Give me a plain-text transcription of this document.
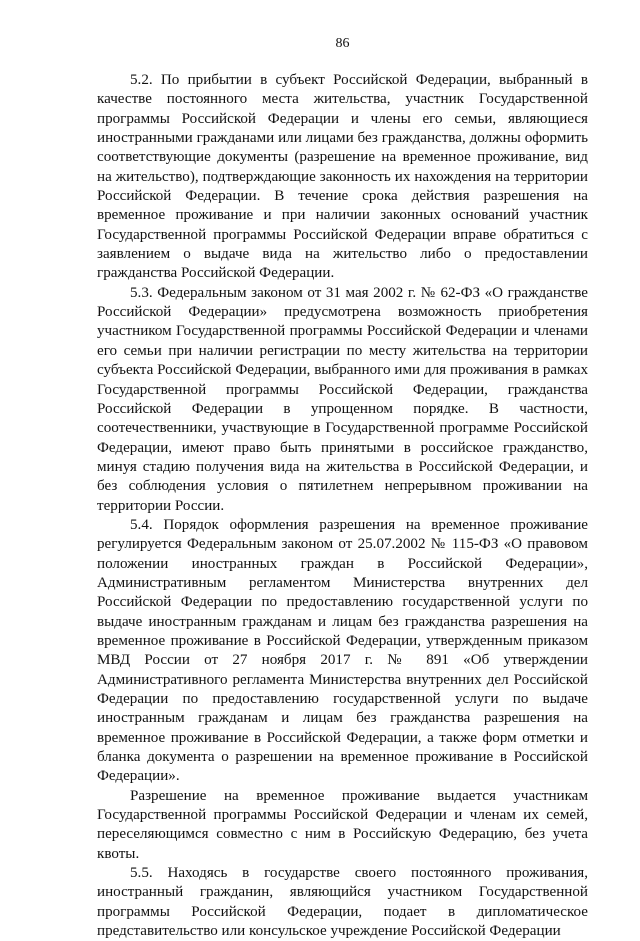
86

5.2. По прибытии в субъект Российской Федерации, выбранный в качестве постоянного места жительства, участник Государственной программы Российской Федерации и члены его семьи, являющиеся иностранными гражданами или лицами без гражданства, должны оформить соответствующие документы (разрешение на временное проживание, вид на жительство), подтверждающие законность их нахождения на территории Российской Федерации. В течение срока действия разрешения на временное проживание и при наличии законных оснований участник Государственной программы Российской Федерации вправе обратиться с заявлением о выдаче вида на жительство либо о предоставлении гражданства Российской Федерации.

5.3. Федеральным законом от 31 мая 2002 г. № 62-ФЗ «О гражданстве Российской Федерации» предусмотрена возможность приобретения участником Государственной программы Российской Федерации и членами его семьи при наличии регистрации по месту жительства на территории субъекта Российской Федерации, выбранного ими для проживания в рамках Государственной программы Российской Федерации, гражданства Российской Федерации в упрощенном порядке. В частности, соотечественники, участвующие в Государственной программе Российской Федерации, имеют право быть принятыми в российское гражданство, минуя стадию получения вида на жительства в Российской Федерации, и без соблюдения условия о пятилетнем непрерывном проживании на территории России.

5.4. Порядок оформления разрешения на временное проживание регулируется Федеральным законом от 25.07.2002 № 115-ФЗ «О правовом положении иностранных граждан в Российской Федерации», Административным регламентом Министерства внутренних дел Российской Федерации по предоставлению государственной услуги по выдаче иностранным гражданам и лицам без гражданства разрешения на временное проживание в Российской Федерации, утвержденным приказом МВД России от 27 ноября 2017 г. № 891 «Об утверждении Административного регламента Министерства внутренних дел Российской Федерации по предоставлению государственной услуги по выдаче иностранным гражданам и лицам без гражданства разрешения на временное проживание в Российской Федерации, а также форм отметки и бланка документа о разрешении на временное проживание в Российской Федерации».

Разрешение на временное проживание выдается участникам Государственной программы Российской Федерации и членам их семей, переселяющимся совместно с ним в Российскую Федерацию, без учета квоты.

5.5. Находясь в государстве своего постоянного проживания, иностранный гражданин, являющийся участником Государственной программы Российской Федерации, подает в дипломатическое представительство или консульское учреждение Российской Федерации
